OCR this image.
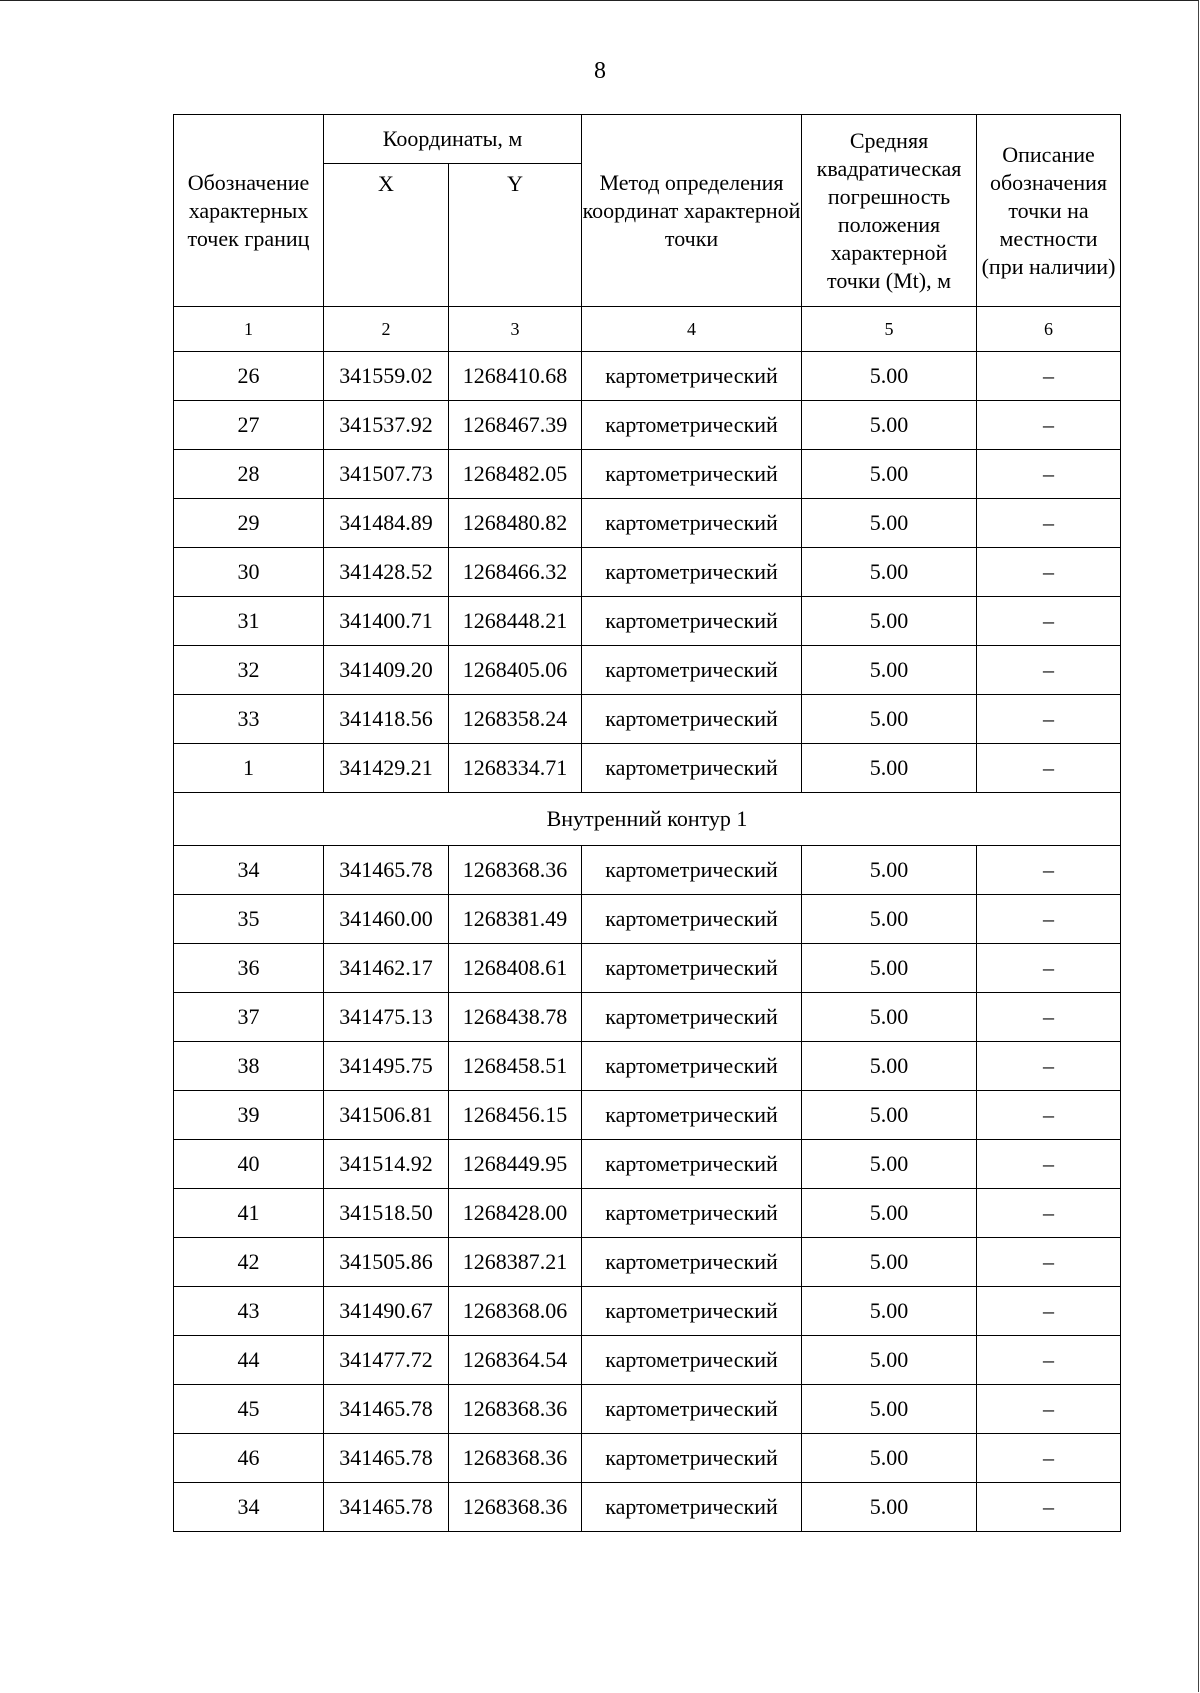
8
Обозначение характерных точек границ	Координаты, м		Метод определения координат характерной точки	Средняя квадратическая погрешность положения характерной точки (Mt), м	Описание обозначения точки на местности (при наличии)
	X	Y			
1	2	3	4	5	6
26	341559.02	1268410.68	картометрический	5.00	–
27	341537.92	1268467.39	картометрический	5.00	–
28	341507.73	1268482.05	картометрический	5.00	–
29	341484.89	1268480.82	картометрический	5.00	–
30	341428.52	1268466.32	картометрический	5.00	–
31	341400.71	1268448.21	картометрический	5.00	–
32	341409.20	1268405.06	картометрический	5.00	–
33	341418.56	1268358.24	картометрический	5.00	–
1	341429.21	1268334.71	картометрический	5.00	–
Внутренний контур 1					
34	341465.78	1268368.36	картометрический	5.00	–
35	341460.00	1268381.49	картометрический	5.00	–
36	341462.17	1268408.61	картометрический	5.00	–
37	341475.13	1268438.78	картометрический	5.00	–
38	341495.75	1268458.51	картометрический	5.00	–
39	341506.81	1268456.15	картометрический	5.00	–
40	341514.92	1268449.95	картометрический	5.00	–
41	341518.50	1268428.00	картометрический	5.00	–
42	341505.86	1268387.21	картометрический	5.00	–
43	341490.67	1268368.06	картометрический	5.00	–
44	341477.72	1268364.54	картометрический	5.00	–
45	341465.78	1268368.36	картометрический	5.00	–
46	341465.78	1268368.36	картометрический	5.00	–
34	341465.78	1268368.36	картометрический	5.00	–
